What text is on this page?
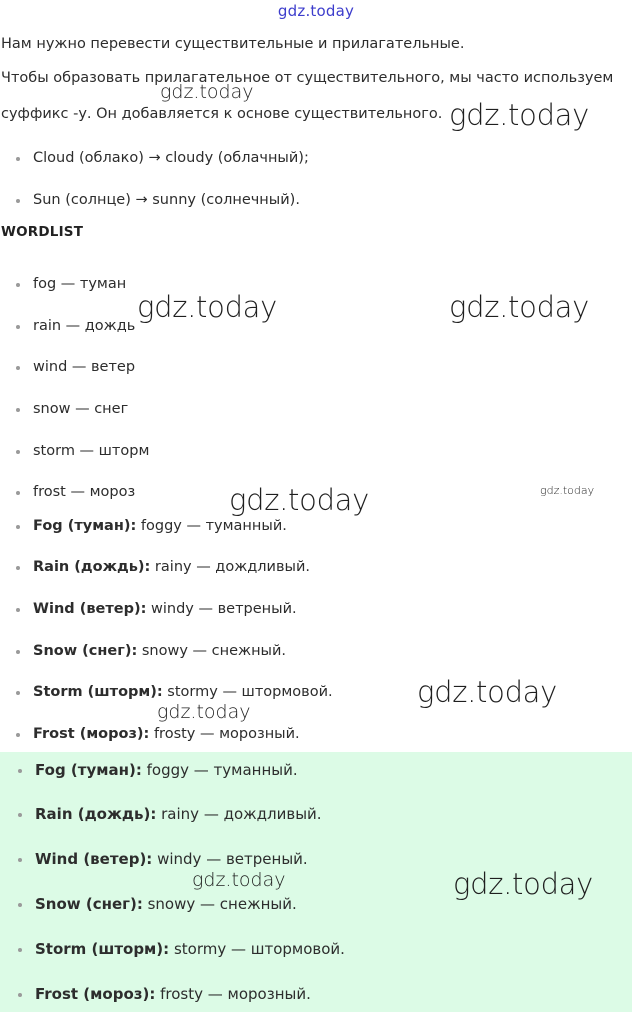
gdz.today

Нам нужно перевести существительные и прилагательные.

Чтобы образовать прилагательное от существительного, мы часто используем суффикс -у. Он добавляется к основе существительного.

Cloud (облако) → cloudy (облачный);
Sun (солнце) → sunny (солнечный).
WORDLIST
fog — туман
rain — дождь
wind — ветер
snow — снег
storm — шторм
frost — мороз
Fog (туман): foggy — туманный.
Rain (дождь): rainy — дождливый.
Wind (ветер): windy — ветреный.
Snow (снег): snowy — снежный.
Storm (шторм): stormy — штормовой.
Frost (мороз): frosty — морозный.
Fog (туман): foggy — туманный.
Rain (дождь): rainy — дождливый.
Wind (ветер): windy — ветреный.
Snow (снег): snowy — снежный.
Storm (шторм): stormy — штормовой.
Frost (мороз): frosty — морозный.
gdz.today
gdz.today
gdz.today	gdz.today
gdz.today	gdz.today
gdz.today
gdz.today
gdz.today	gdz.today
